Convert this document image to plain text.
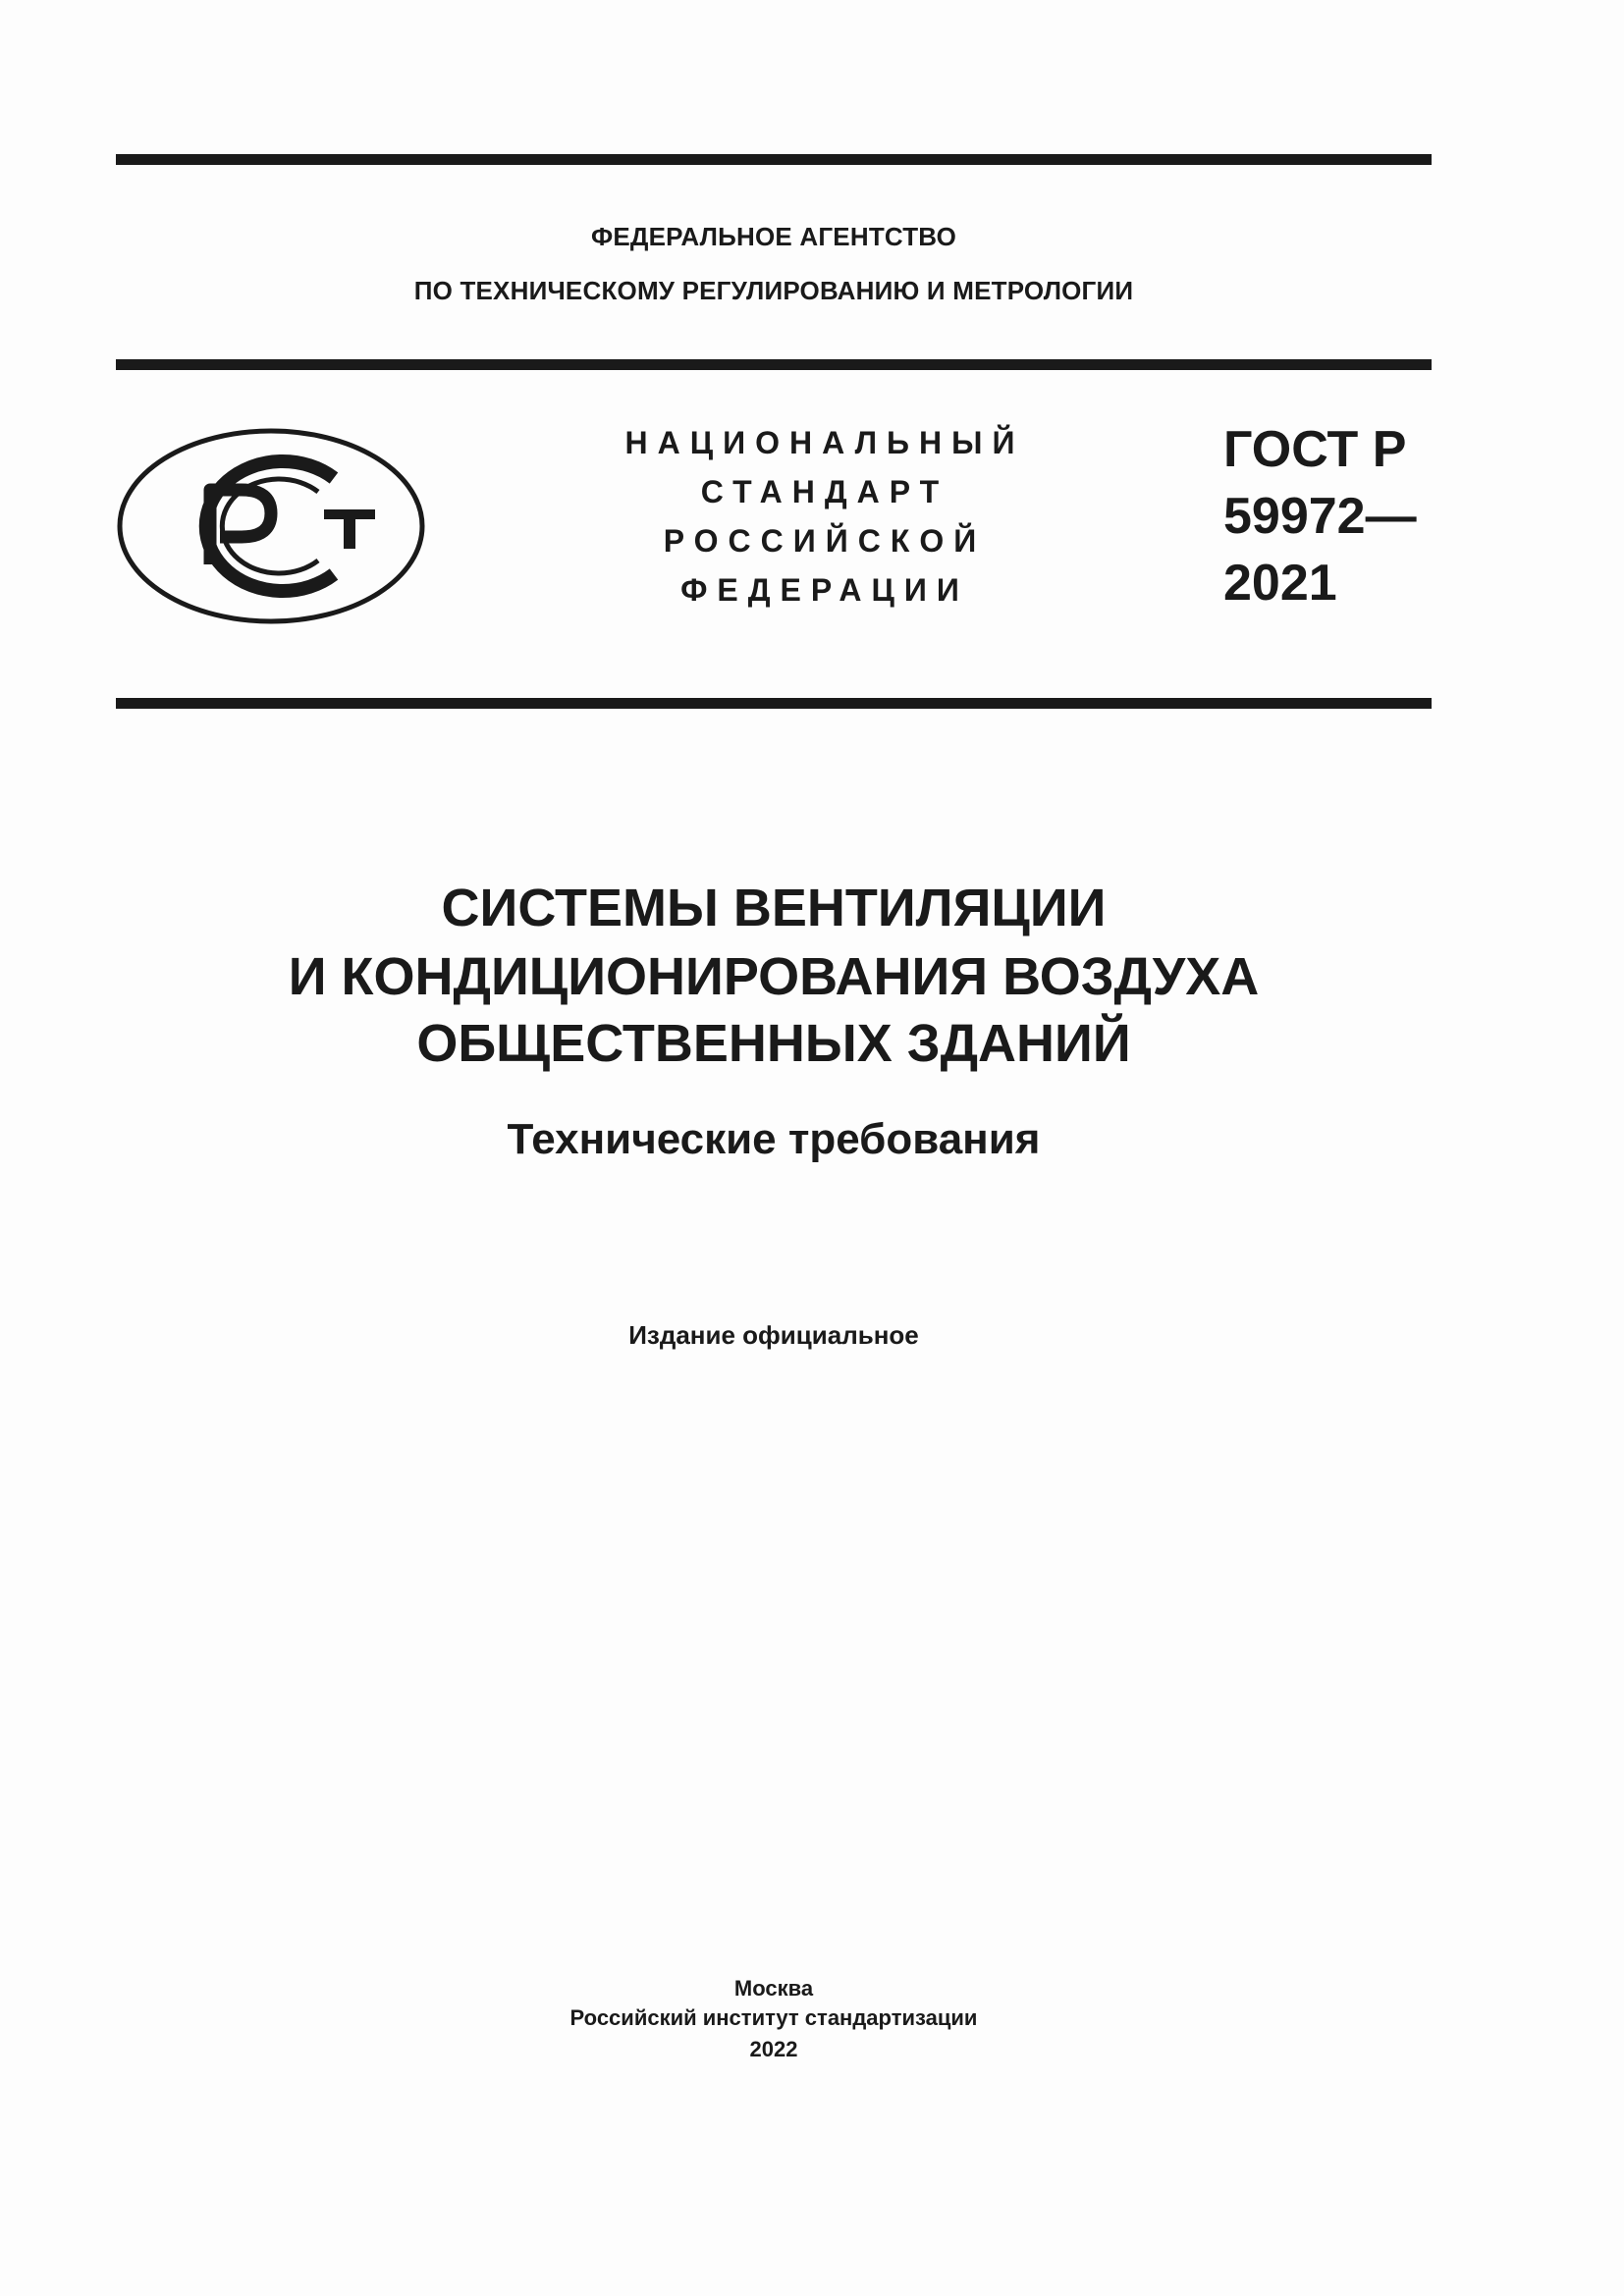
ФЕДЕРАЛЬНОЕ АГЕНТСТВО
ПО ТЕХНИЧЕСКОМУ РЕГУЛИРОВАНИЮ И МЕТРОЛОГИИ
НАЦИОНАЛЬНЫЙ
СТАНДАРТ
РОССИЙСКОЙ
ФЕДЕРАЦИИ
ГОСТ Р
59972—
2021
СИСТЕМЫ ВЕНТИЛЯЦИИ
И КОНДИЦИОНИРОВАНИЯ ВОЗДУХА
ОБЩЕСТВЕННЫХ ЗДАНИЙ
Технические требования
Издание официальное
Москва
Российский институт стандартизации
2022
